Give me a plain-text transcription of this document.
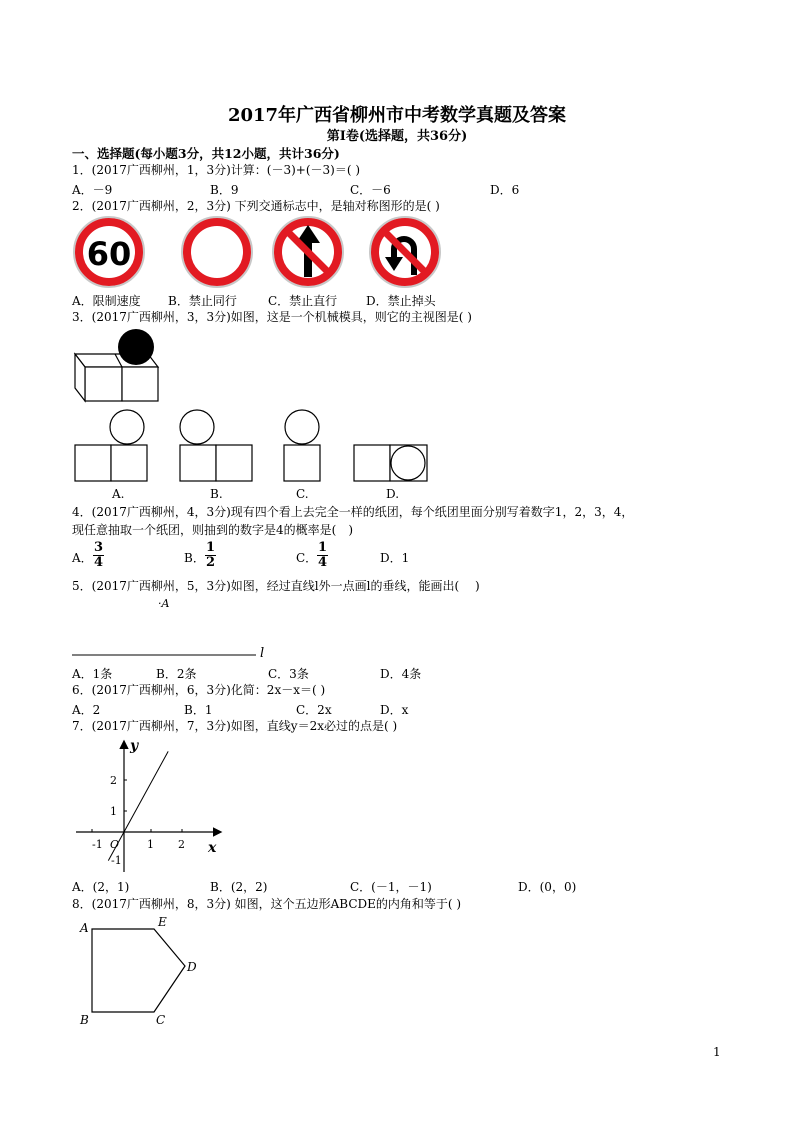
2017年广西省柳州市中考数学真题及答案
第Ⅰ卷(选择题，共36分)
一、选择题(每小题3分，共12小题，共计36分)
1．(2017广西柳州，1，3分)计算：(－3)+(－3)＝( )
A．－9	B．9	C．－6	D．6
2．(2017广西柳州，2，3分) 下列交通标志中，是轴对称图形的是( )
60
A．限制速度 B．禁止同行	C．禁止直行 D．禁止掉头
3．(2017广西柳州，3，3分)如图，这是一个机械模具，则它的主视图是( )
A.	B.	C.	D.
4．(2017广西柳州，4，3分)现有四个看上去完全一样的纸团，每个纸团里面分别写着数字1，2，3，4，
现任意抽取一个纸团，则抽到的数字是4的概率是(　)
A． $\frac{3}{4}$	B． $\frac{1}{2}$	C． $\frac{1}{4}$	D．1
5．(2017广西柳州，5，3分)如图，经过直线l外一点画l的垂线，能画出(　 )
·A
l
A．1条	B．2条	C．3条	D．4条
6．(2017广西柳州，6，3分)化简：2x－x＝( )
A．2	B．1	C．2x	D．x
7．(2017广西柳州，7，3分)如图，直线y＝2x必过的点是( )
y
x
O
-1	1 2
2
1
-1
A．(2，1)	B．(2，2)	C．(－1，－1)	D．(0，0)
8．(2017广西柳州，8，3分) 如图，这个五边形ABCDE的内角和等于( )
A	E
D
C
B
1
